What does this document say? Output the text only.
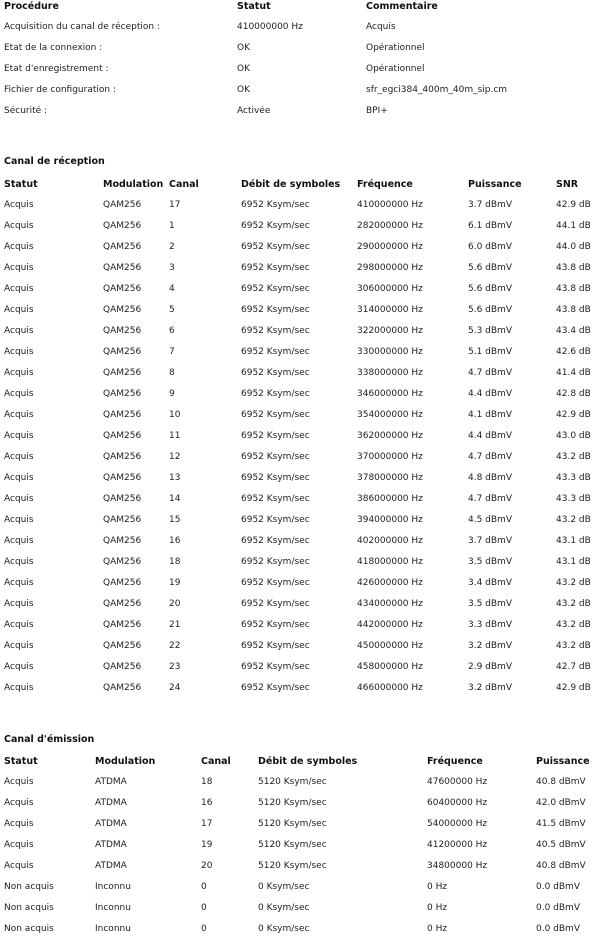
Procédure	Statut	Commentaire
Acquisition du canal de réception :	410000000 Hz	Acquis
Etat de la connexion :	OK	Opérationnel
Etat d'enregistrement :	OK	Opérationnel
Fichier de configuration :	OK	sfr_egci384_400m_40m_sip.cm
Sécurité :	Activée	BPI+
Canal de réception
Statut	Modulation	Canal	Débit de symboles	Fréquence	Puissance	SNR
Acquis	QAM256	17	6952 Ksym/sec	410000000 Hz	3.7 dBmV	42.9 dB
Acquis	QAM256	1	6952 Ksym/sec	282000000 Hz	6.1 dBmV	44.1 dB
Acquis	QAM256	2	6952 Ksym/sec	290000000 Hz	6.0 dBmV	44.0 dB
Acquis	QAM256	3	6952 Ksym/sec	298000000 Hz	5.6 dBmV	43.8 dB
Acquis	QAM256	4	6952 Ksym/sec	306000000 Hz	5.6 dBmV	43.8 dB
Acquis	QAM256	5	6952 Ksym/sec	314000000 Hz	5.6 dBmV	43.8 dB
Acquis	QAM256	6	6952 Ksym/sec	322000000 Hz	5.3 dBmV	43.4 dB
Acquis	QAM256	7	6952 Ksym/sec	330000000 Hz	5.1 dBmV	42.6 dB
Acquis	QAM256	8	6952 Ksym/sec	338000000 Hz	4.7 dBmV	41.4 dB
Acquis	QAM256	9	6952 Ksym/sec	346000000 Hz	4.4 dBmV	42.8 dB
Acquis	QAM256	10	6952 Ksym/sec	354000000 Hz	4.1 dBmV	42.9 dB
Acquis	QAM256	11	6952 Ksym/sec	362000000 Hz	4.4 dBmV	43.0 dB
Acquis	QAM256	12	6952 Ksym/sec	370000000 Hz	4.7 dBmV	43.2 dB
Acquis	QAM256	13	6952 Ksym/sec	378000000 Hz	4.8 dBmV	43.3 dB
Acquis	QAM256	14	6952 Ksym/sec	386000000 Hz	4.7 dBmV	43.3 dB
Acquis	QAM256	15	6952 Ksym/sec	394000000 Hz	4.5 dBmV	43.2 dB
Acquis	QAM256	16	6952 Ksym/sec	402000000 Hz	3.7 dBmV	43.1 dB
Acquis	QAM256	18	6952 Ksym/sec	418000000 Hz	3.5 dBmV	43.1 dB
Acquis	QAM256	19	6952 Ksym/sec	426000000 Hz	3.4 dBmV	43.2 dB
Acquis	QAM256	20	6952 Ksym/sec	434000000 Hz	3.5 dBmV	43.2 dB
Acquis	QAM256	21	6952 Ksym/sec	442000000 Hz	3.3 dBmV	43.2 dB
Acquis	QAM256	22	6952 Ksym/sec	450000000 Hz	3.2 dBmV	43.2 dB
Acquis	QAM256	23	6952 Ksym/sec	458000000 Hz	2.9 dBmV	42.7 dB
Acquis	QAM256	24	6952 Ksym/sec	466000000 Hz	3.2 dBmV	42.9 dB
Canal d'émission
Statut	Modulation	Canal	Débit de symboles	Fréquence	Puissance
Acquis	ATDMA	18	5120 Ksym/sec	47600000 Hz	40.8 dBmV
Acquis	ATDMA	16	5120 Ksym/sec	60400000 Hz	42.0 dBmV
Acquis	ATDMA	17	5120 Ksym/sec	54000000 Hz	41.5 dBmV
Acquis	ATDMA	19	5120 Ksym/sec	41200000 Hz	40.5 dBmV
Acquis	ATDMA	20	5120 Ksym/sec	34800000 Hz	40.8 dBmV
Non acquis	Inconnu	0	0 Ksym/sec	0 Hz	0.0 dBmV
Non acquis	Inconnu	0	0 Ksym/sec	0 Hz	0.0 dBmV
Non acquis	Inconnu	0	0 Ksym/sec	0 Hz	0.0 dBmV
